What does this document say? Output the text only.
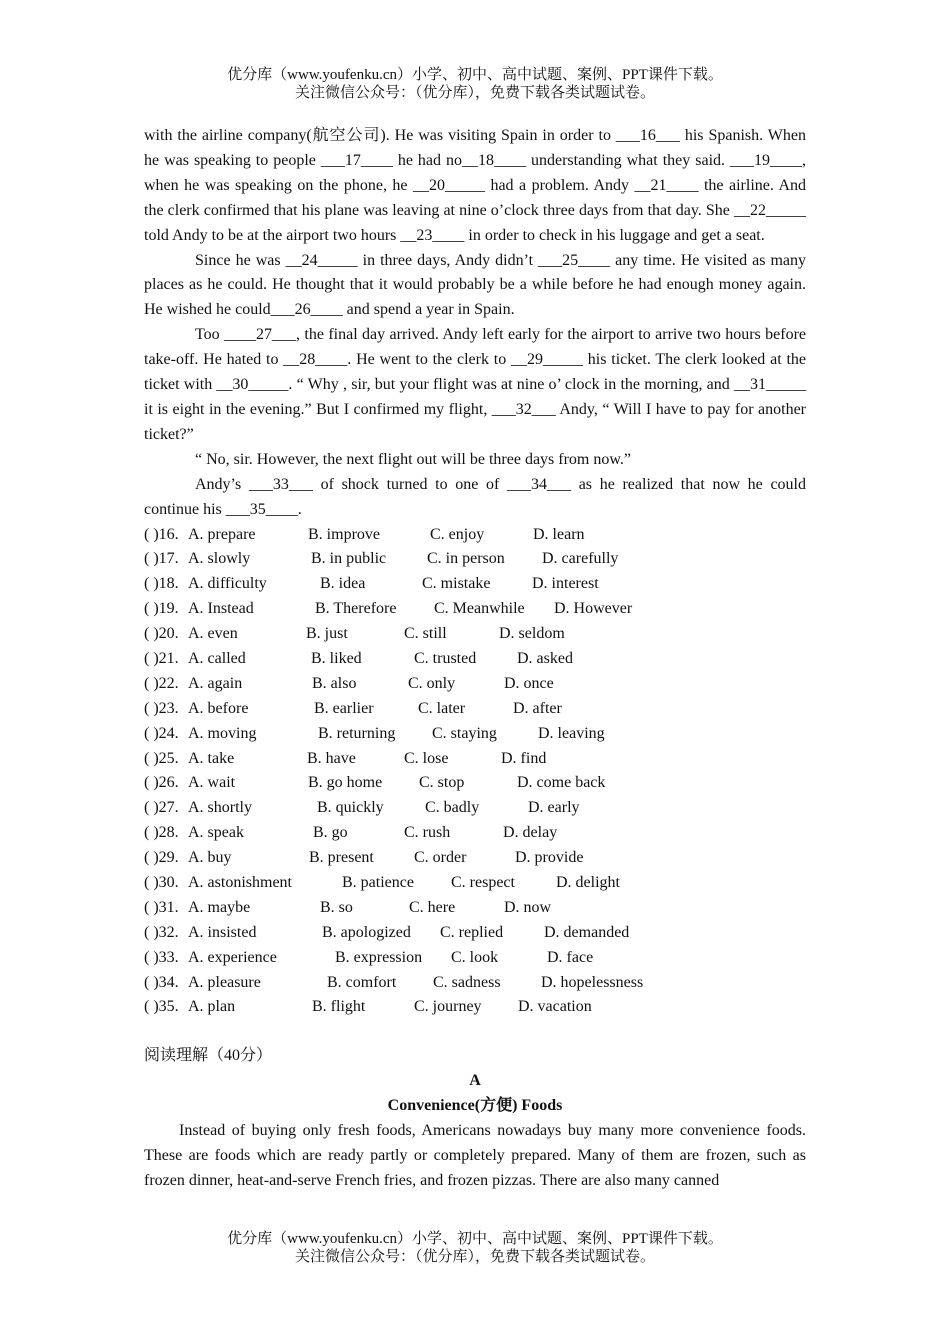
优分库（www.youfenku.cn）小学、初中、高中试题、案例、PPT课件下载。
关注微信公众号：（优分库），免费下载各类试题试卷。

with the airline company(航空公司). He was visiting Spain in order to ___16___ his Spanish. When he was speaking to people ___17____ he had no__18____ understanding what they said. ___19____, when he was speaking on the phone, he __20_____ had a problem. Andy __21____ the airline. And the clerk confirmed that his plane was leaving at nine o’clock three days from that day. She __22_____ told Andy to be at the airport two hours __23____ in order to check in his luggage and get a seat.

Since he was __24_____ in three days, Andy didn’t ___25____ any time. He visited as many places as he could. He thought that it would probably be a while before he had enough money again. He wished he could___26____ and spend a year in Spain.

Too ____27___, the final day arrived. Andy left early for the airport to arrive two hours before take-off. He hated to __28____. He went to the clerk to __29_____ his ticket. The clerk looked at the ticket with __30_____. “ Why , sir, but your flight was at nine o’ clock in the morning, and __31_____ it is eight in the evening.” But I confirmed my flight, ___32___ Andy, “ Will I have to pay for another ticket?”

“ No, sir. However, the next flight out will be three days from now.”

Andy’s ___33___ of shock turned to one of ___34___ as he realized that now he could continue his ___35____.

( )16. A. prepare	B. improve	C. enjoy	D. learn
( )17. A. slowly	B. in public	C. in person	D. carefully
( )18. A. difficulty	B. idea	C. mistake	D. interest
( )19. A. Instead	B. Therefore	C. Meanwhile	D. However
( )20. A. even	B. just	C. still	D. seldom
( )21. A. called	B. liked	C. trusted	D. asked
( )22. A. again	B. also	C. only	D. once
( )23. A. before	B. earlier	C. later	D. after
( )24. A. moving	B. returning	C. staying	D. leaving
( )25. A. take	B. have	C. lose	D. find
( )26. A. wait	B. go home	C. stop	D. come back
( )27. A. shortly	B. quickly	C. badly	D. early
( )28. A. speak	B. go	C. rush	D. delay
( )29. A. buy	B. present	C. order	D. provide
( )30. A. astonishment	B. patience	C. respect	D. delight
( )31. A. maybe	B. so	C. here	D. now
( )32. A. insisted	B. apologized	C. replied	D. demanded
( )33. A. experience	B. expression	C. look	D. face
( )34. A. pleasure	B. comfort	C. sadness	D. hopelessness
( )35. A. plan	B. flight	C. journey	D. vacation

阅读理解（40分）

A

Convenience(方便) Foods

Instead of buying only fresh foods, Americans nowadays buy many more convenience foods. These are foods which are ready partly or completely prepared. Many of them are frozen, such as frozen dinner, heat-and-serve French fries, and frozen pizzas. There are also many canned

优分库（www.youfenku.cn）小学、初中、高中试题、案例、PPT课件下载。
关注微信公众号：（优分库），免费下载各类试题试卷。
